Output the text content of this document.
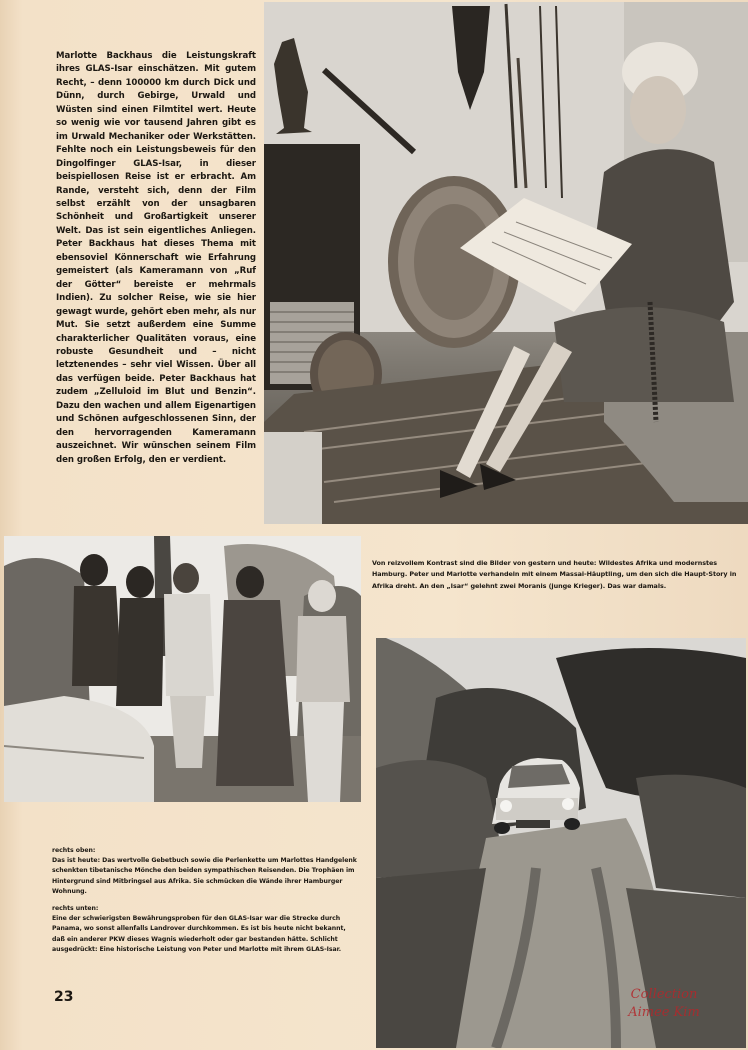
Marlotte Backhaus die Leistungskraft ihres GLAS-Isar einschätzen. Mit gutem Recht, – denn 100000 km durch Dick und Dünn, durch Gebirge, Urwald und Wüsten sind einen Filmtitel wert. Heute so wenig wie vor tausend Jahren gibt es im Urwald Mechaniker oder Werkstätten. Fehlte noch ein Leistungsbeweis für den Dingolfinger GLAS-Isar, in dieser beispiellosen Reise ist er erbracht. Am Rande, versteht sich, denn der Film selbst erzählt von der unsagbaren Schönheit und Großartigkeit unserer Welt. Das ist sein eigentliches Anliegen. Peter Backhaus hat dieses Thema mit ebensoviel Könnerschaft wie Erfahrung gemeistert (als Kameramann von „Ruf der Götter“ bereiste er mehrmals Indien). Zu solcher Reise, wie sie hier gewagt wurde, gehört eben mehr, als nur Mut. Sie setzt außerdem eine Summe charakterlicher Qualitäten voraus, eine robuste Gesundheit und – nicht letztenendes – sehr viel Wissen. Über all das verfügen beide. Peter Backhaus hat zudem „Zelluloid im Blut und Benzin“. Dazu den wachen und allem Eigenartigen und Schönen aufgeschlossenen Sinn, der den hervorragenden Kameramann auszeichnet. Wir wünschen seinem Film den großen Erfolg, den er verdient.
Von reizvollem Kontrast sind die Bilder von gestern und heute: Wildestes Afrika und modernstes Hamburg. Peter und Marlotte verhandeln mit einem Massai-Häuptling, um den sich die Haupt-Story in Afrika dreht. An den „Isar“ gelehnt zwei Moranis (junge Krieger). Das war damals.
rechts oben:
Das ist heute: Das wertvolle Gebetbuch sowie die Perlenkette um Marlottes Handgelenk schenkten tibetanische Mönche den beiden sympathischen Reisenden. Die Trophäen im Hintergrund sind Mitbringsel aus Afrika. Sie schmücken die Wände ihrer Hamburger Wohnung.
rechts unten:
Eine der schwierigsten Bewährungsproben für den GLAS-Isar war die Strecke durch Panama, wo sonst allenfalls Landrover durchkommen. Es ist bis heute nicht bekannt, daß ein anderer PKW dieses Wagnis wiederholt oder gar bestanden hätte. Schlicht ausgedrückt: Eine historische Leistung von Peter und Marlotte mit ihrem GLAS-Isar.
23	Collection
Aimee Kim
